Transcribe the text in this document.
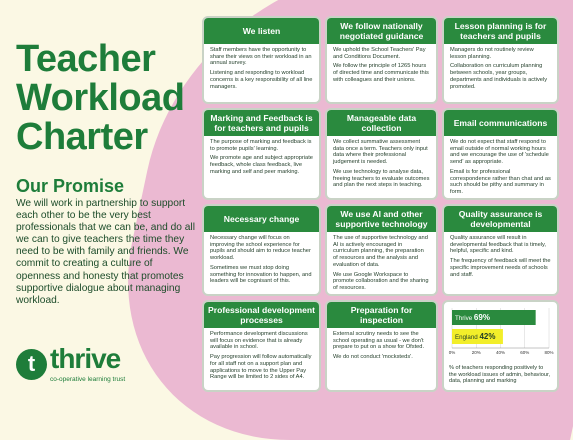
Teacher
Workload
Charter
Our Promise

We will work in partnership to support each other to be the very best professionals that we can be, and do all we can to give teachers the time they need to be with family and friends. We commit to creating a culture of openness and honesty that promotes supportive dialogue about managing workload.

t thrive
co-operative learning trust
We listen

Staff members have the opportunity to share their views on their workload in an annual survey.

Listening and responding to workload concerns is a key responsibility of all line managers.

We follow nationally negotiated guidance

We uphold the School Teachers' Pay and Conditions Document.

We follow the principle of 1265 hours of directed time and communicate this with colleagues and their unions.

Lesson planning is for teachers and pupils

Managers do not routinely review lesson planning.

Collaboration on curriculum planning between schools, year groups, departments and individuals is actively promoted.

Marking and Feedback is for teachers and pupils

The purpose of marking and feedback is to promote pupils' learning.

We promote age and subject appropriate feedback, whole class feedback, live marking and self and peer marking.

Manageable data collection

We collect summative assessment data once a term. Teachers only input data where their professional judgement is needed.

We use technology to analyse data, freeing teachers to evaluate outcomes and plan the next steps in teaching.

Email communications

We do not expect that staff respond to email outside of normal working hours and we encourage the use of 'schedule send' as appropriate.

Email is for professional correspondence rather than chat and as such should be pithy and summary in form.

Necessary change

Necessary change will focus on improving the school experience for pupils and should aim to reduce teacher workload.

Sometimes we must stop doing something for innovation to happen, and leaders will be cognisant of this.

We use AI and other supportive technology

The use of supportive technology and AI is actively encouraged in curriculum planning, the preparation of resources and the analysis and evaluation of data.

We use Google Workspace to promote collaboration and the sharing of resources.

Quality assurance is developmental

Quality assurance will result in developmental feedback that is timely, helpful, specific and kind.

The frequency of feedback will meet the specific improvement needs of schools and staff.

Professional development processes

Performance development discussions will focus on evidence that is already available in school.

Pay progression will follow automatically for all staff not on a support plan and applications to move to the Upper Pay Range will be limited to 2 sides of A4.

Preparation for inspection

External scrutiny needs to see the school operating as usual - we don't prepare to put on a show for Ofsted.

We do not conduct 'mocksteds'.

0%	20%	40%	60%	80%
Thrive 69%
England 42%
% of teachers responding positively to the workload issues of admin, behaviour, data, planning and marking
